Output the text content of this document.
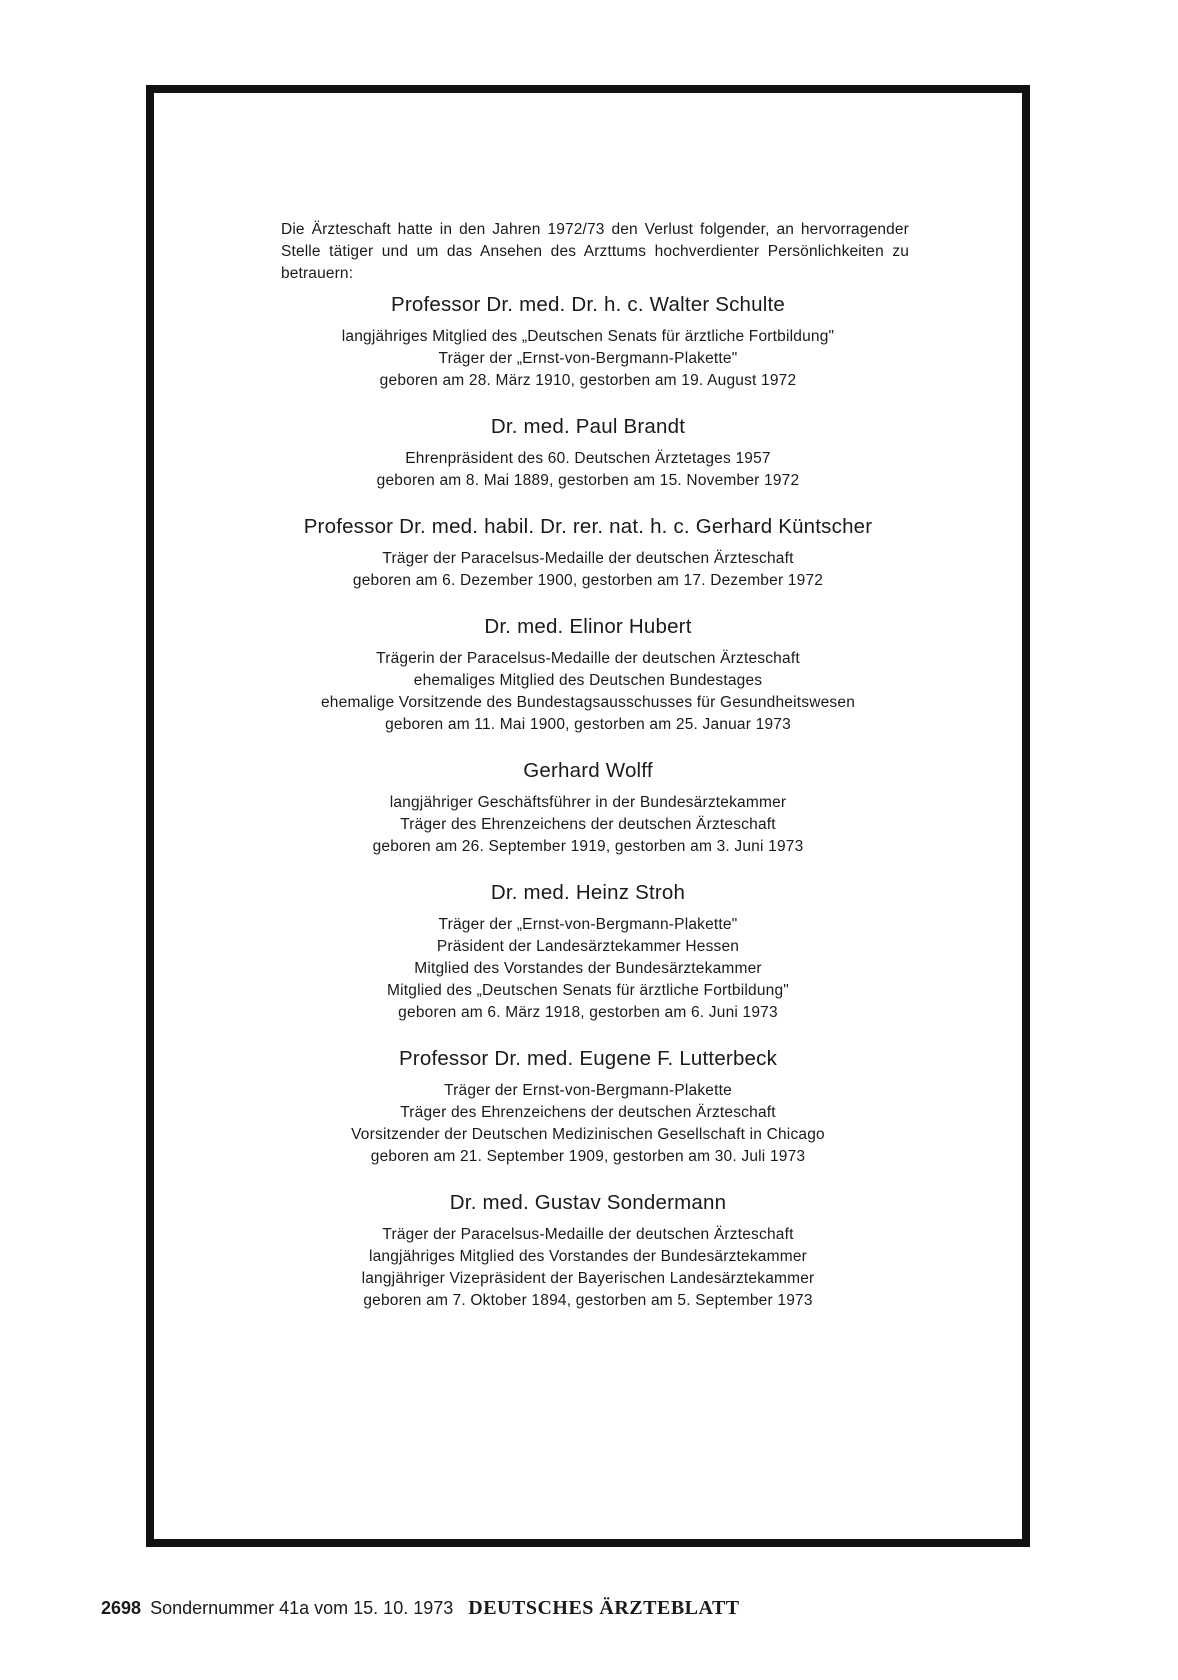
Die Ärzteschaft hatte in den Jahren 1972/73 den Verlust folgender, an hervorragender Stelle tätiger und um das Ansehen des Arzttums hochverdienter Persönlichkeiten zu betrauern:

Professor Dr. med. Dr. h. c. Walter Schulte
langjähriges Mitglied des „Deutschen Senats für ärztliche Fortbildung"
Träger der „Ernst-von-Bergmann-Plakette"
geboren am 28. März 1910, gestorben am 19. August 1972
Dr. med. Paul Brandt
Ehrenpräsident des 60. Deutschen Ärztetages 1957
geboren am 8. Mai 1889, gestorben am 15. November 1972
Professor Dr. med. habil. Dr. rer. nat. h. c. Gerhard Küntscher
Träger der Paracelsus-Medaille der deutschen Ärzteschaft
geboren am 6. Dezember 1900, gestorben am 17. Dezember 1972
Dr. med. Elinor Hubert
Trägerin der Paracelsus-Medaille der deutschen Ärzteschaft
ehemaliges Mitglied des Deutschen Bundestages
ehemalige Vorsitzende des Bundestagsausschusses für Gesundheitswesen
geboren am 11. Mai 1900, gestorben am 25. Januar 1973
Gerhard Wolff
langjähriger Geschäftsführer in der Bundesärztekammer
Träger des Ehrenzeichens der deutschen Ärzteschaft
geboren am 26. September 1919, gestorben am 3. Juni 1973
Dr. med. Heinz Stroh
Träger der „Ernst-von-Bergmann-Plakette"
Präsident der Landesärztekammer Hessen
Mitglied des Vorstandes der Bundesärztekammer
Mitglied des „Deutschen Senats für ärztliche Fortbildung"
geboren am 6. März 1918, gestorben am 6. Juni 1973
Professor Dr. med. Eugene F. Lutterbeck
Träger der Ernst-von-Bergmann-Plakette
Träger des Ehrenzeichens der deutschen Ärzteschaft
Vorsitzender der Deutschen Medizinischen Gesellschaft in Chicago
geboren am 21. September 1909, gestorben am 30. Juli 1973
Dr. med. Gustav Sondermann
Träger der Paracelsus-Medaille der deutschen Ärzteschaft
langjähriges Mitglied des Vorstandes der Bundesärztekammer
langjähriger Vizepräsident der Bayerischen Landesärztekammer
geboren am 7. Oktober 1894, gestorben am 5. September 1973
2698 Sondernummer 41a vom 15. 10. 1973 DEUTSCHES ÄRZTEBLATT
